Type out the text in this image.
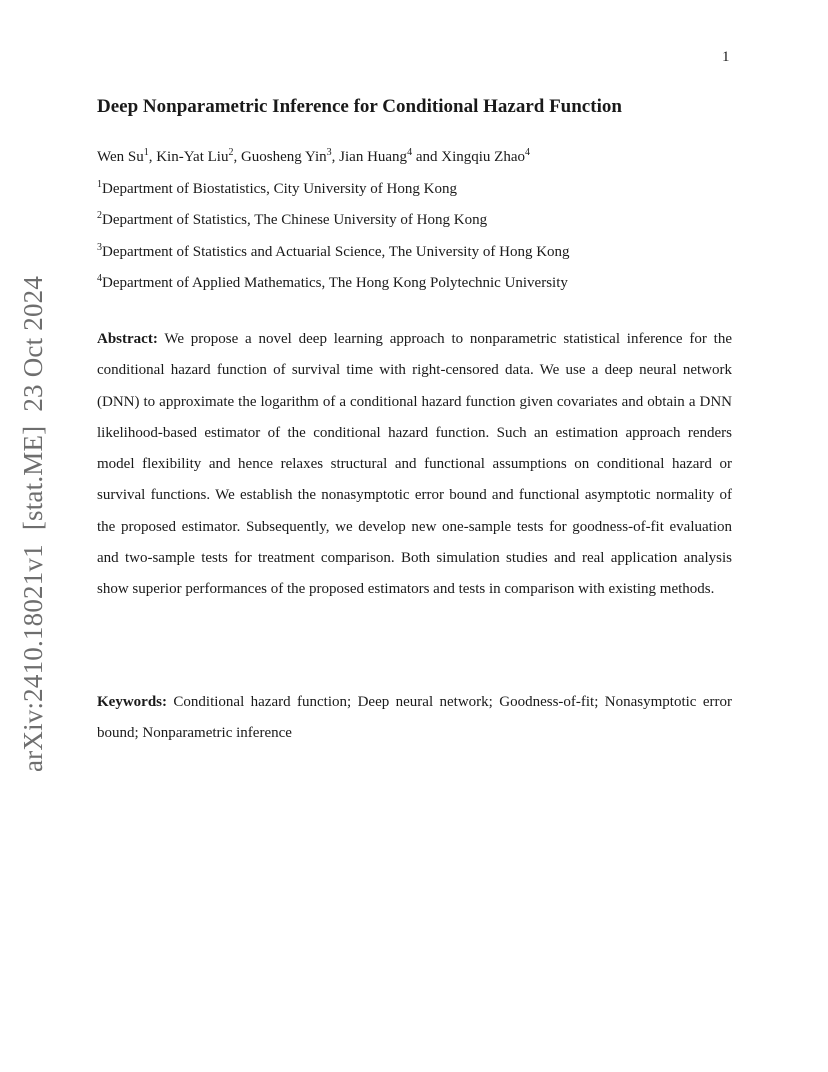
1
arXiv:2410.18021v1[stat.ME]23 Oct 2024
Deep Nonparametric Inference for Conditional Hazard Function
Wen Su$^1$, Kin-Yat Liu$^2$, Guosheng Yin$^3$, Jian Huang$^4$ and Xingqiu Zhao$^4$
$^1$Department of Biostatistics, City University of Hong Kong
$^2$Department of Statistics, The Chinese University of Hong Kong
$^3$Department of Statistics and Actuarial Science, The University of Hong Kong
$^4$Department of Applied Mathematics, The Hong Kong Polytechnic University
Abstract: We propose a novel deep learning approach to nonparametric statistical inference for the conditional hazard function of survival time with right-censored data. We use a deep neural network (DNN) to approximate the logarithm of a conditional hazard function given covariates and obtain a DNN likelihood-based estimator of the conditional hazard function. Such an estimation approach renders model flexibility and hence relaxes structural and functional assumptions on conditional hazard or survival functions. We establish the nonasymptotic error bound and functional asymptotic normality of the proposed estimator. Subsequently, we develop new one-sample tests for goodness-of-fit evaluation and two-sample tests for treatment comparison. Both simulation studies and real application analysis show superior performances of the proposed estimators and tests in comparison with existing methods.
Keywords: Conditional hazard function; Deep neural network; Goodness-of-fit; Nonasymptotic error bound; Nonparametric inference
